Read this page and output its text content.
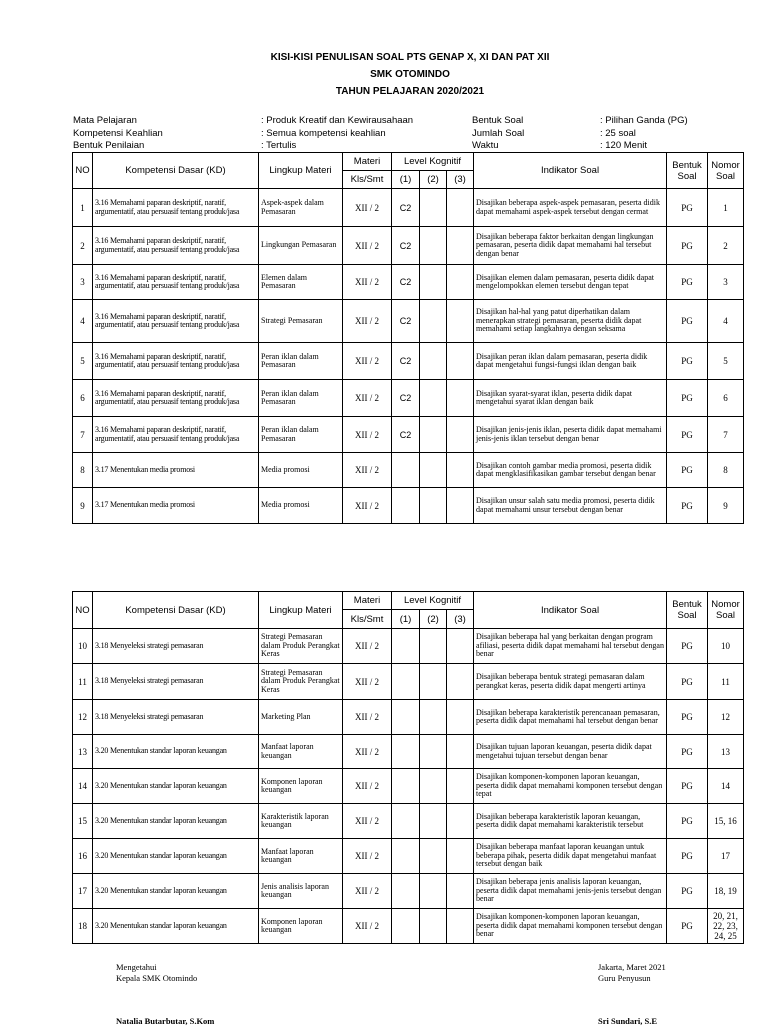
KISI-KISI PENULISAN SOAL PTS GENAP X, XI DAN PAT XII
SMK OTOMINDO
TAHUN PELAJARAN 2020/2021
Mata Pelajaran	: Produk Kreatif dan Kewirausahaan
Kompetensi Keahlian	: Semua kompetensi keahlian
Bentuk Penilaian	: Tertulis
Bentuk Soal	: Pilihan Ganda (PG)
Jumlah Soal	: 25 soal
Waktu	: 120 Menit
NO	Kompetensi Dasar (KD)	Lingkup Materi	Materi	Level Kognitif			Indikator Soal	Bentuk Soal	Nomor Soal
			Kls/Smt	(1)	(2)	(3)			
1	3.16 Memahami paparan deskriptif, naratif, argumentatif, atau persuasif tentang produk/jasa	Aspek-aspek dalam Pemasaran	XII / 2	C2			Disajikan beberapa aspek-aspek pemasaran, peserta didik dapat memahami aspek-aspek tersebut dengan cermat	PG	1
2	3.16 Memahami paparan deskriptif, naratif, argumentatif, atau persuasif tentang produk/jasa	Lingkungan Pemasaran	XII / 2	C2			Disajikan beberapa faktor berkaitan dengan lingkungan pemasaran, peserta didik dapat memahami hal tersebut dengan benar	PG	2
3	3.16 Memahami paparan deskriptif, naratif, argumentatif, atau persuasif tentang produk/jasa	Elemen dalam Pemasaran	XII / 2	C2			Disajikan elemen dalam pemasaran, peserta didik dapat mengelompokkan elemen tersebut dengan tepat	PG	3
4	3.16 Memahami paparan deskriptif, naratif, argumentatif, atau persuasif tentang produk/jasa	Strategi Pemasaran	XII / 2	C2			Disajikan hal-hal yang patut diperhatikan dalam menerapkan strategi pemasaran, peserta didik dapat memahami setiap langkahnya dengan seksama	PG	4
5	3.16 Memahami paparan deskriptif, naratif, argumentatif, atau persuasif tentang produk/jasa	Peran iklan dalam Pemasaran	XII / 2	C2			Disajikan peran iklan dalam pemasaran, peserta didik dapat mengetahui fungsi-fungsi iklan dengan baik	PG	5
6	3.16 Memahami paparan deskriptif, naratif, argumentatif, atau persuasif tentang produk/jasa	Peran iklan dalam Pemasaran	XII / 2	C2			Disajikan syarat-syarat iklan, peserta didik dapat mengetahui syarat iklan dengan baik	PG	6
7	3.16 Memahami paparan deskriptif, naratif, argumentatif, atau persuasif tentang produk/jasa	Peran iklan dalam Pemasaran	XII / 2	C2			Disajikan jenis-jenis iklan, peserta didik dapat memahami jenis-jenis iklan tersebut dengan benar	PG	7
8	3.17 Menentukan media promosi	Media promosi	XII / 2				Disajikan contoh gambar media promosi, peserta didik dapat mengklasifikasikan gambar tersebut dengan benar	PG	8
9	3.17 Menentukan media promosi	Media promosi	XII / 2				Disajikan unsur salah satu media promosi, peserta didik dapat memahami unsur tersebut dengan benar	PG	9
NO	Kompetensi Dasar (KD)	Lingkup Materi	Materi	Level Kognitif			Indikator Soal	Bentuk Soal	Nomor Soal
			Kls/Smt	(1)	(2)	(3)			
10	3.18 Menyeleksi strategi pemasaran	Strategi Pemasaran dalam Produk Perangkat Keras	XII / 2				Disajikan beberapa hal yang berkaitan dengan program afiliasi, peserta didik dapat memahami hal tersebut dengan benar	PG	10
11	3.18 Menyeleksi strategi pemasaran	Strategi Pemasaran dalam Produk Perangkat Keras	XII / 2				Disajikan beberapa bentuk strategi pemasaran dalam perangkat keras, peserta didik dapat mengerti artinya	PG	11
12	3.18 Menyeleksi strategi pemasaran	Marketing Plan	XII / 2				Disajikan beberapa karakteristik perencanaan pemasaran, peserta didik dapat memahami hal tersebut dengan benar	PG	12
13	3.20 Menentukan standar laporan keuangan	Manfaat laporan keuangan	XII / 2				Disajikan tujuan laporan keuangan, peserta didik dapat mengetahui tujuan tersebut dengan benar	PG	13
14	3.20 Menentukan standar laporan keuangan	Komponen laporan keuangan	XII / 2				Disajikan komponen-komponen laporan keuangan, peserta didik dapat memahami komponen tersebut dengan tepat	PG	14
15	3.20 Menentukan standar laporan keuangan	Karakteristik laporan keuangan	XII / 2				Disajikan beberapa karakteristik laporan keuangan, peserta didik dapat memahami karakteristik tersebut	PG	15, 16
16	3.20 Menentukan standar laporan keuangan	Manfaat laporan keuangan	XII / 2				Disajikan beberapa manfaat laporan keuangan untuk beberapa pihak, peserta didik dapat mengetahui manfaat tersebut dengan baik	PG	17
17	3.20 Menentukan standar laporan keuangan	Jenis analisis laporan keuangan	XII / 2				Disajikan beberapa jenis analisis laporan keuangan, peserta didik dapat memahami jenis-jenis tersebut dengan benar	PG	18, 19
18	3.20 Menentukan standar laporan keuangan	Komponen laporan keuangan	XII / 2				Disajikan komponen-komponen laporan keuangan, peserta didik dapat memahami komponen tersebut dengan benar	PG	20, 21, 22, 23, 24, 25
Mengetahui
Kepala SMK Otomindo
Jakarta, Maret 2021
Guru Penyusun
Natalia Butarbutar, S.Kom	Sri Sundari, S.E
